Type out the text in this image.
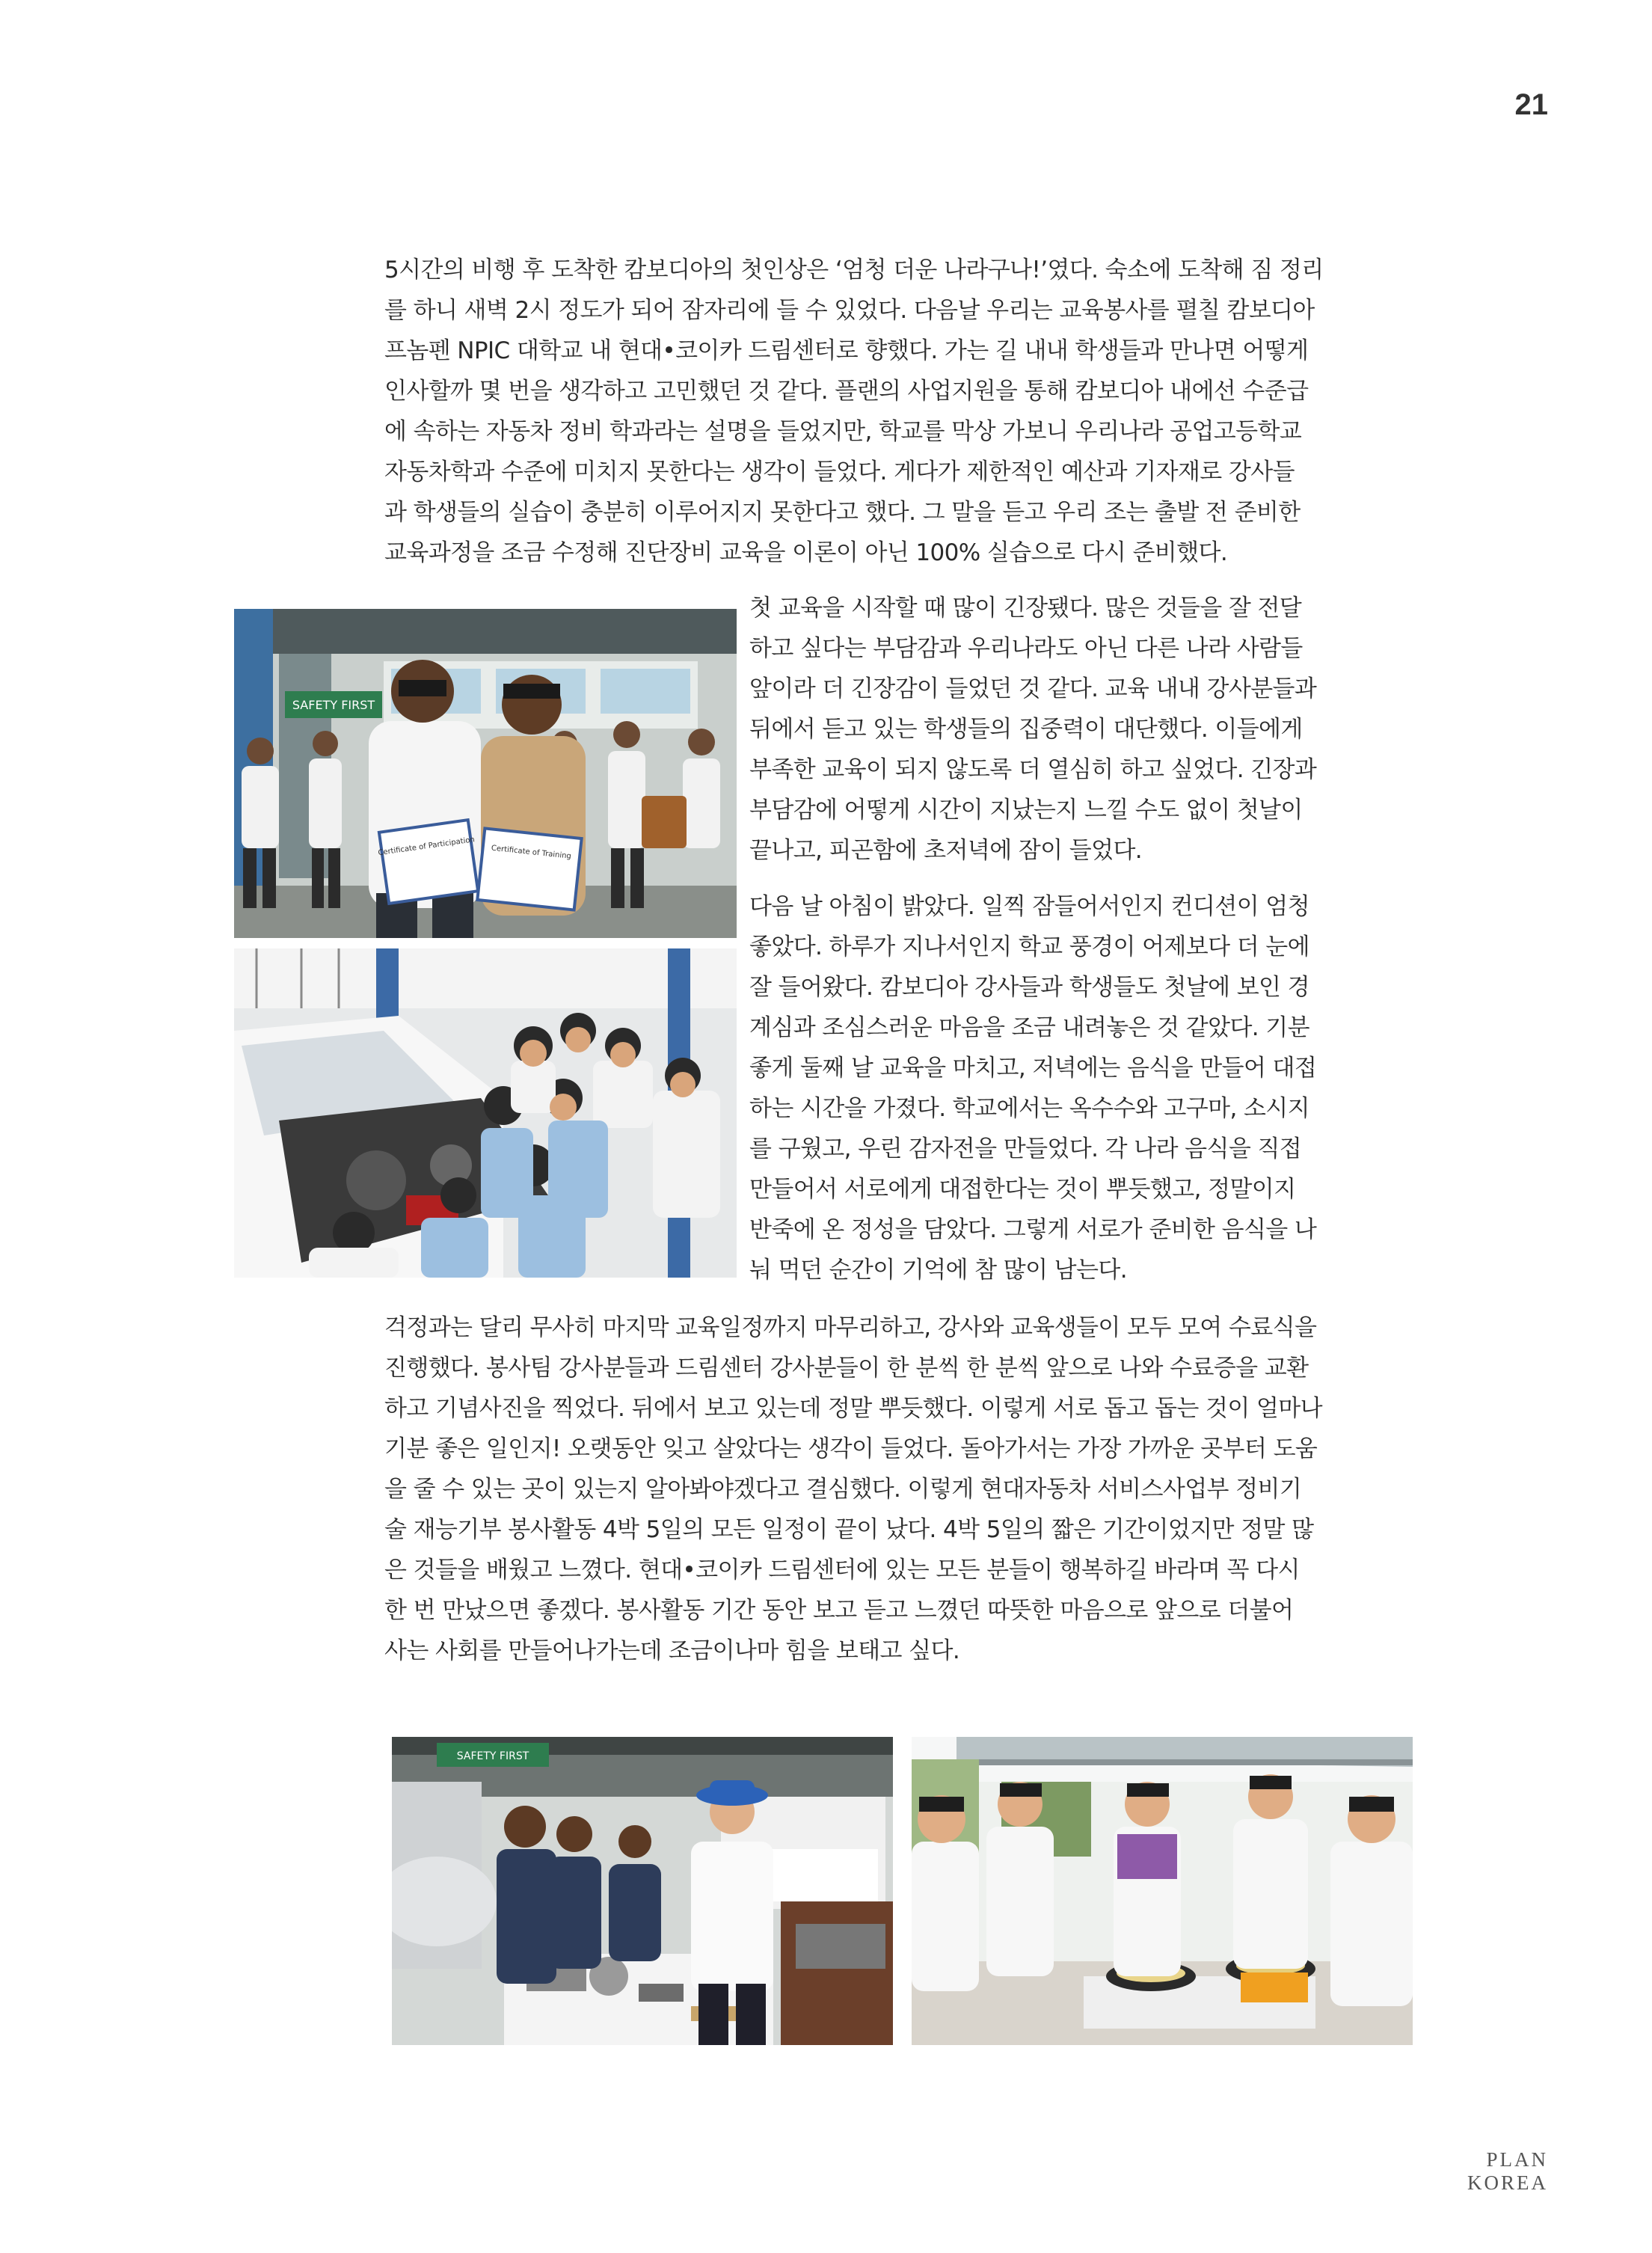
21
5시간의 비행 후 도착한 캄보디아의 첫인상은 ‘엄청 더운 나라구나!’였다. 숙소에 도착해 짐 정리
를 하니 새벽 2시 정도가 되어 잠자리에 들 수 있었다. 다음날 우리는 교육봉사를 펼칠 캄보디아
프놈펜 NPIC 대학교 내 현대•코이카 드림센터로 향했다. 가는 길 내내 학생들과 만나면 어떻게
인사할까 몇 번을 생각하고 고민했던 것 같다. 플랜의 사업지원을 통해 캄보디아 내에선 수준급
에 속하는 자동차 정비 학과라는 설명을 들었지만, 학교를 막상 가보니 우리나라 공업고등학교
자동차학과 수준에 미치지 못한다는 생각이 들었다. 게다가 제한적인 예산과 기자재로 강사들
과 학생들의 실습이 충분히 이루어지지 못한다고 했다. 그 말을 듣고 우리 조는 출발 전 준비한
교육과정을 조금 수정해 진단장비 교육을 이론이 아닌 100% 실습으로 다시 준비했다.
첫 교육을 시작할 때 많이 긴장됐다. 많은 것들을 잘 전달
하고 싶다는 부담감과 우리나라도 아닌 다른 나라 사람들
앞이라 더 긴장감이 들었던 것 같다. 교육 내내 강사분들과
뒤에서 듣고 있는 학생들의 집중력이 대단했다. 이들에게
부족한 교육이 되지 않도록 더 열심히 하고 싶었다. 긴장과
부담감에 어떻게 시간이 지났는지 느낄 수도 없이 첫날이
끝나고, 피곤함에 초저녁에 잠이 들었다.
다음 날 아침이 밝았다. 일찍 잠들어서인지 컨디션이 엄청
좋았다. 하루가 지나서인지 학교 풍경이 어제보다 더 눈에
잘 들어왔다. 캄보디아 강사들과 학생들도 첫날에 보인 경
계심과 조심스러운 마음을 조금 내려놓은 것 같았다. 기분
좋게 둘째 날 교육을 마치고, 저녁에는 음식을 만들어 대접
하는 시간을 가졌다. 학교에서는 옥수수와 고구마, 소시지
를 구웠고, 우린 감자전을 만들었다. 각 나라 음식을 직접
만들어서 서로에게 대접한다는 것이 뿌듯했고, 정말이지
반죽에 온 정성을 담았다. 그렇게 서로가 준비한 음식을 나
눠 먹던 순간이 기억에 참 많이 남는다.
걱정과는 달리 무사히 마지막 교육일정까지 마무리하고, 강사와 교육생들이 모두 모여 수료식을
진행했다. 봉사팀 강사분들과 드림센터 강사분들이 한 분씩 한 분씩 앞으로 나와 수료증을 교환
하고 기념사진을 찍었다. 뒤에서 보고 있는데 정말 뿌듯했다. 이렇게 서로 돕고 돕는 것이 얼마나
기분 좋은 일인지! 오랫동안 잊고 살았다는 생각이 들었다. 돌아가서는 가장 가까운 곳부터 도움
을 줄 수 있는 곳이 있는지 알아봐야겠다고 결심했다. 이렇게 현대자동차 서비스사업부 정비기
술 재능기부 봉사활동 4박 5일의 모든 일정이 끝이 났다. 4박 5일의 짧은 기간이었지만 정말 많
은 것들을 배웠고 느꼈다. 현대•코이카 드림센터에 있는 모든 분들이 행복하길 바라며 꼭 다시
한 번 만났으면 좋겠다. 봉사활동 기간 동안 보고 듣고 느꼈던 따뜻한 마음으로 앞으로 더불어
사는 사회를 만들어나가는데 조금이나마 힘을 보태고 싶다.
SAFETY FIRST
Certificate of Participation Certificate of Training
SAFETY FIRST
PLAN KOREA
